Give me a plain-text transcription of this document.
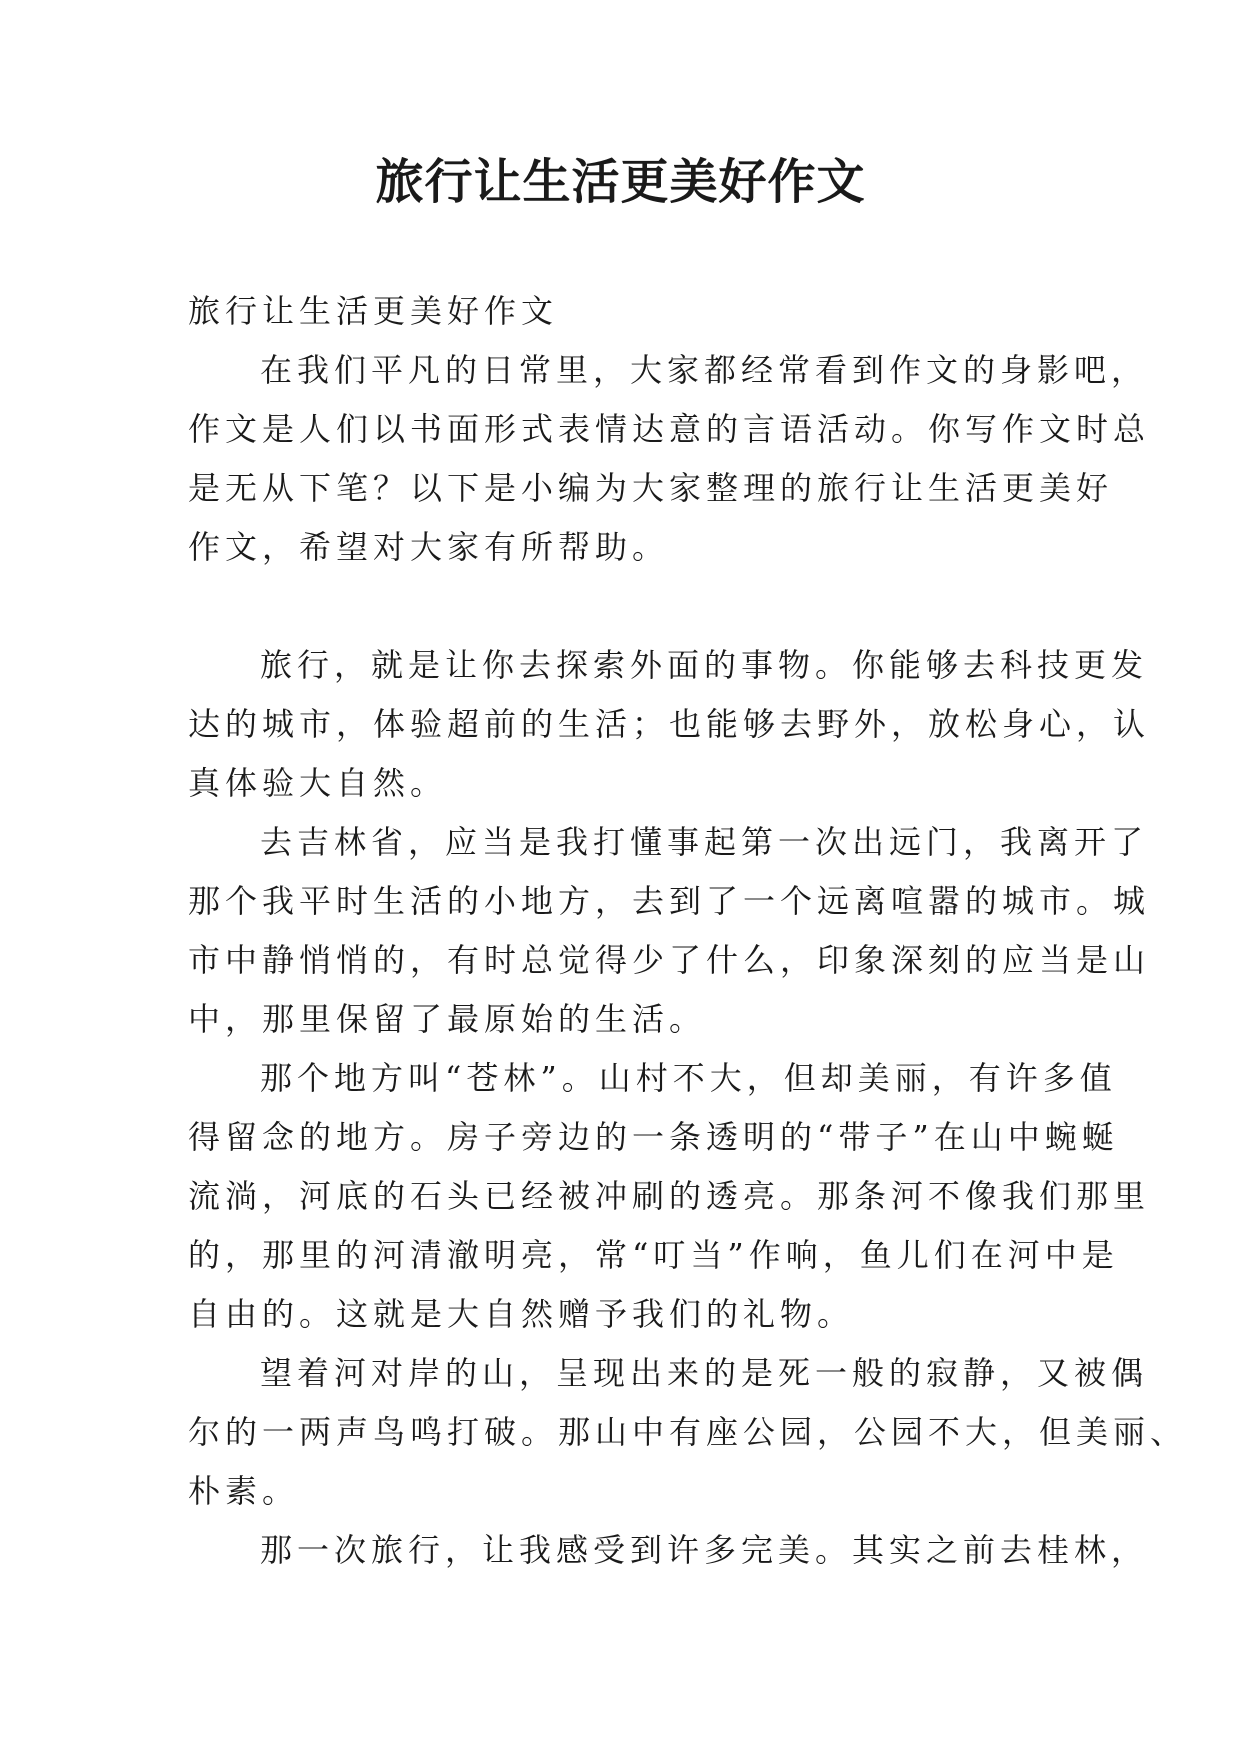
旅行让生活更美好作文
旅行让生活更美好作文
在我们平凡的日常里，大家都经常看到作文的身影吧，
作文是人们以书面形式表情达意的言语活动。你写作文时总
是无从下笔？以下是小编为大家整理的旅行让生活更美好
作文，希望对大家有所帮助。
旅行，就是让你去探索外面的事物。你能够去科技更发
达的城市，体验超前的生活；也能够去野外，放松身心，认
真体验大自然。
去吉林省，应当是我打懂事起第一次出远门，我离开了
那个我平时生活的小地方，去到了一个远离喧嚣的城市。城
市中静悄悄的，有时总觉得少了什么，印象深刻的应当是山
中，那里保留了最原始的生活。
那个地方叫“苍林”。山村不大，但却美丽，有许多值
得留念的地方。房子旁边的一条透明的“带子”在山中蜿蜒
流淌，河底的石头已经被冲刷的透亮。那条河不像我们那里
的，那里的河清澈明亮，常“叮当”作响，鱼儿们在河中是
自由的。这就是大自然赠予我们的礼物。
望着河对岸的山，呈现出来的是死一般的寂静，又被偶
尔的一两声鸟鸣打破。那山中有座公园，公园不大，但美丽、
朴素。
那一次旅行，让我感受到许多完美。其实之前去桂林，
